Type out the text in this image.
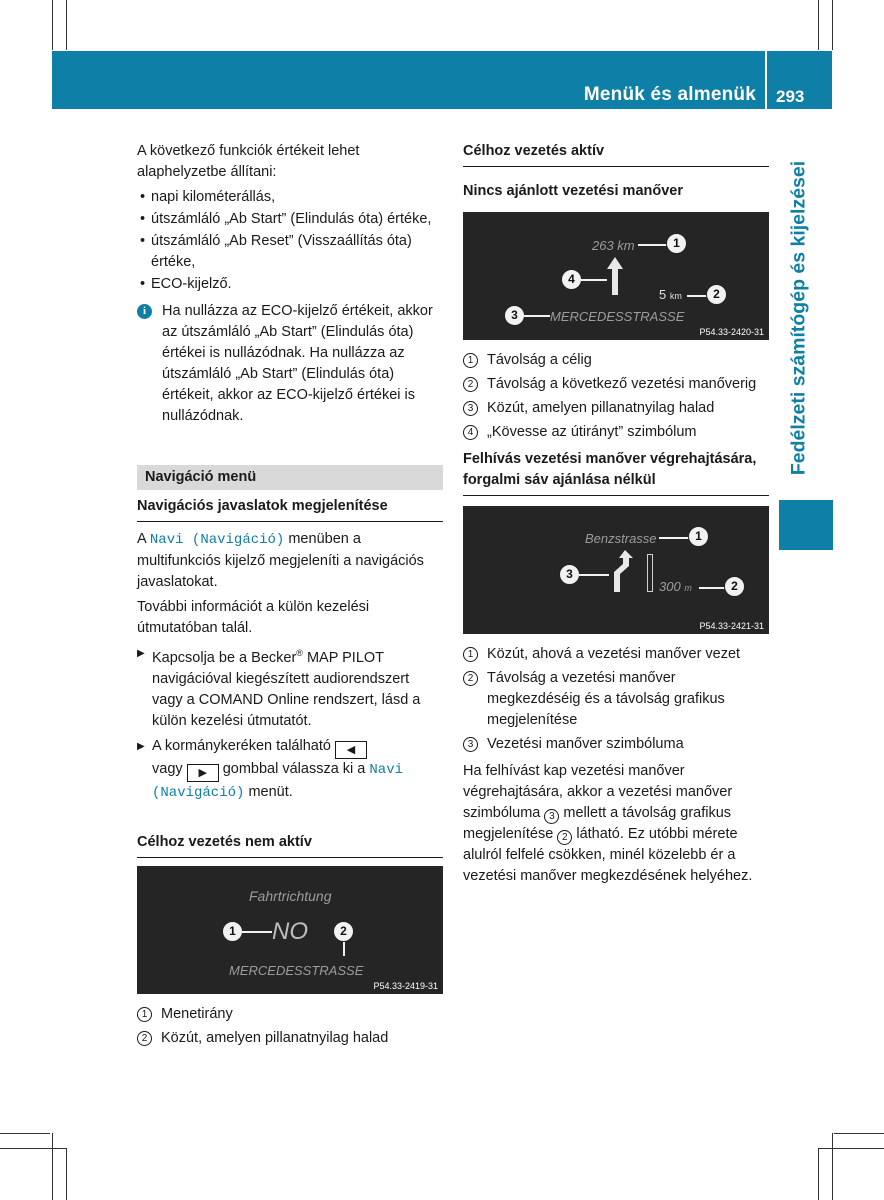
Menük és almenük 293
Fedélzeti számítógép és kijelzései

A következő funkciók értékeit lehet alaphelyzetbe állítani:

• napi kilométerállás,
• útszámláló „Ab Start” (Elindulás óta) értéke,
• útszámláló „Ab Reset” (Visszaállítás óta) értéke,
• ECO-kijelző.
i	Ha nullázza az ECO-kijelző értékeit, akkor az útszámláló „Ab Start” (Elindulás óta) értékei is nullázódnak. Ha nullázza az útszámláló „Ab Start” (Elindulás óta) értékeit, akkor az ECO-kijelző értékei is nullázódnak.
Navigáció menü
Navigációs javaslatok megjelenítése

A Navi (Navigáció) menüben a multifunkciós kijelző megjeleníti a navigációs javaslatokat.

További információt a külön kezelési útmutatóban talál.

▶ Kapcsolja be a Becker® MAP PILOT navigációval kiegészített audiorendszert vagy a COMAND Online rendszert, lásd a külön kezelési útmutatót.
▶ A kormánykeréken található ◀
vagy ▶ gombbal válassza ki a Navi (Navigáció) menüt.
Célhoz vezetés nem aktív
Fahrtrichtung
1 NO	2
MERCEDESSTRASSE
P54.33-2419-31
1 Menetirány
2 Közút, amelyen pillanatnyilag halad
Célhoz vezetés aktív
Nincs ajánlott vezetési manőver
263 km	1
4
5 km	2
3	MERCEDESSTRASSE
P54.33-2420-31
1 Távolság a célig
2 Távolság a következő vezetési manőverig
3 Közút, amelyen pillanatnyilag halad
4 „Kövesse az útirányt” szimbólum
Felhívás vezetési manőver végrehajtására, forgalmi sáv ajánlása nélkül
Benzstrasse	1
3
300 m	2
P54.33-2421-31
1 Közút, ahová a vezetési manőver vezet
2 Távolság a vezetési manőver megkezdéséig és a távolság grafikus megjelenítése
3 Vezetési manőver szimbóluma

Ha felhívást kap vezetési manőver végrehajtására, akkor a vezetési manőver szimbóluma 3 mellett a távolság grafikus megjelenítése 2 látható. Ez utóbbi mérete alulról felfelé csökken, minél közelebb ér a vezetési manőver megkezdésének helyéhez.
